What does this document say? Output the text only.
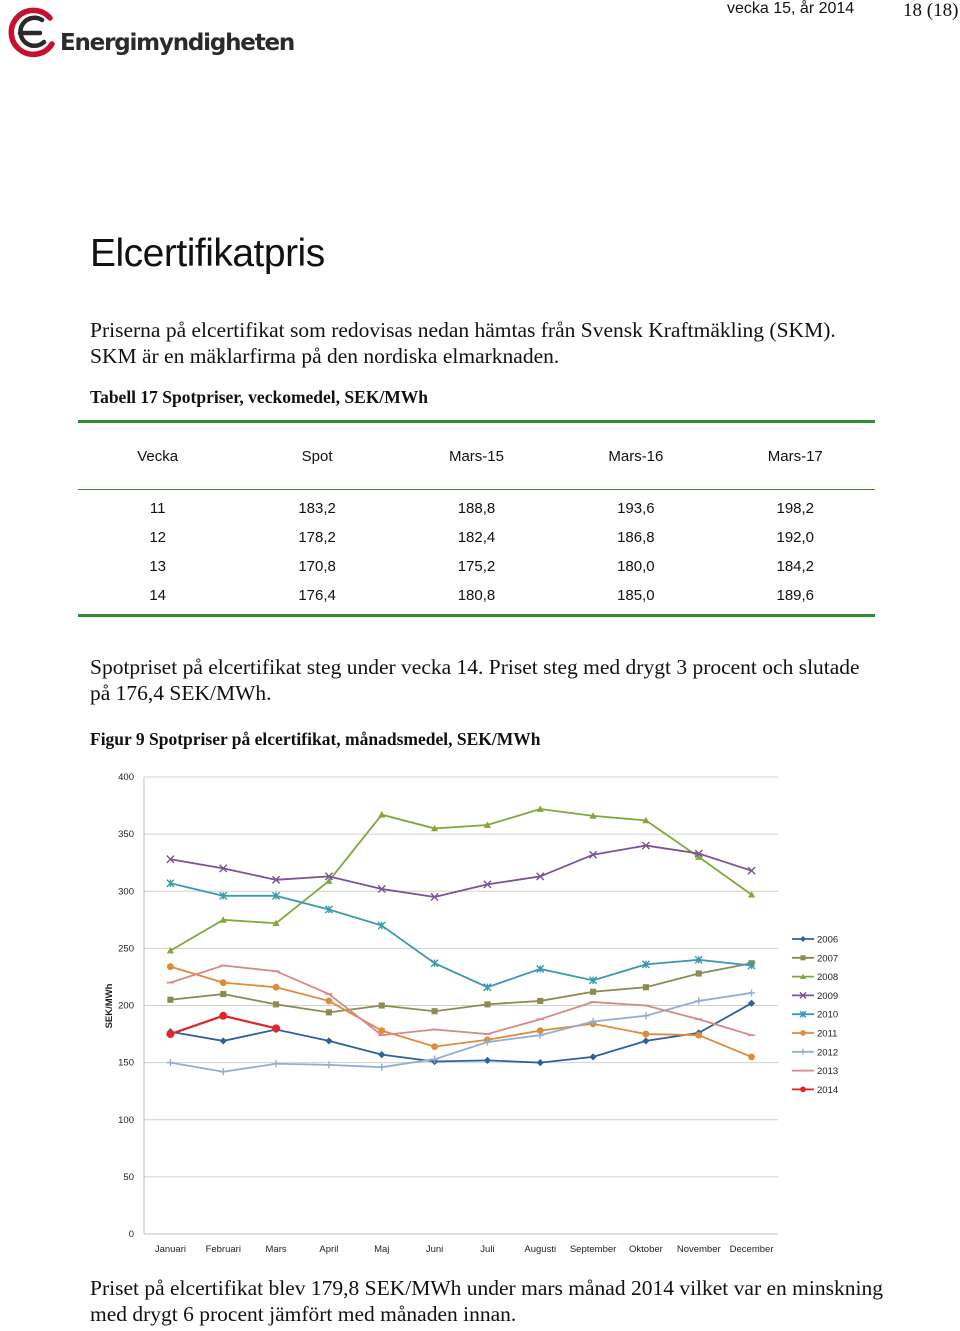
Energimyndigheten
vecka 15, år 2014	18 (18)
Elcertifikatpris

Priserna på elcertifikat som redovisas nedan hämtas från Svensk Kraftmäkling (SKM). SKM är en mäklarfirma på den nordiska elmarknaden.

Tabell 17 Spotpriser, veckomedel, SEK/MWh

Vecka	Spot	Mars-15	Mars-16	Mars-17
11	183,2	188,8	193,6	198,2
12	178,2	182,4	186,8	192,0
13	170,8	175,2	180,0	184,2
14	176,4	180,8	185,0	189,6

Spotpriset på elcertifikat steg under vecka 14. Priset steg med drygt 3 procent och slutade på 176,4 SEK/MWh.

Figur 9 Spotpriser på elcertifikat, månadsmedel, SEK/MWh

0
50
100
150
200
250
300
350
400
Januari Februari	Mars	April	Maj	Juni	Juli	Augusti September Oktober November December
2006
2007
2008
2009
2010
2011
2012
2013
2014
SEK/MWh

Priset på elcertifikat blev 179,8 SEK/MWh under mars månad 2014 vilket var en minskning med drygt 6 procent jämfört med månaden innan.
